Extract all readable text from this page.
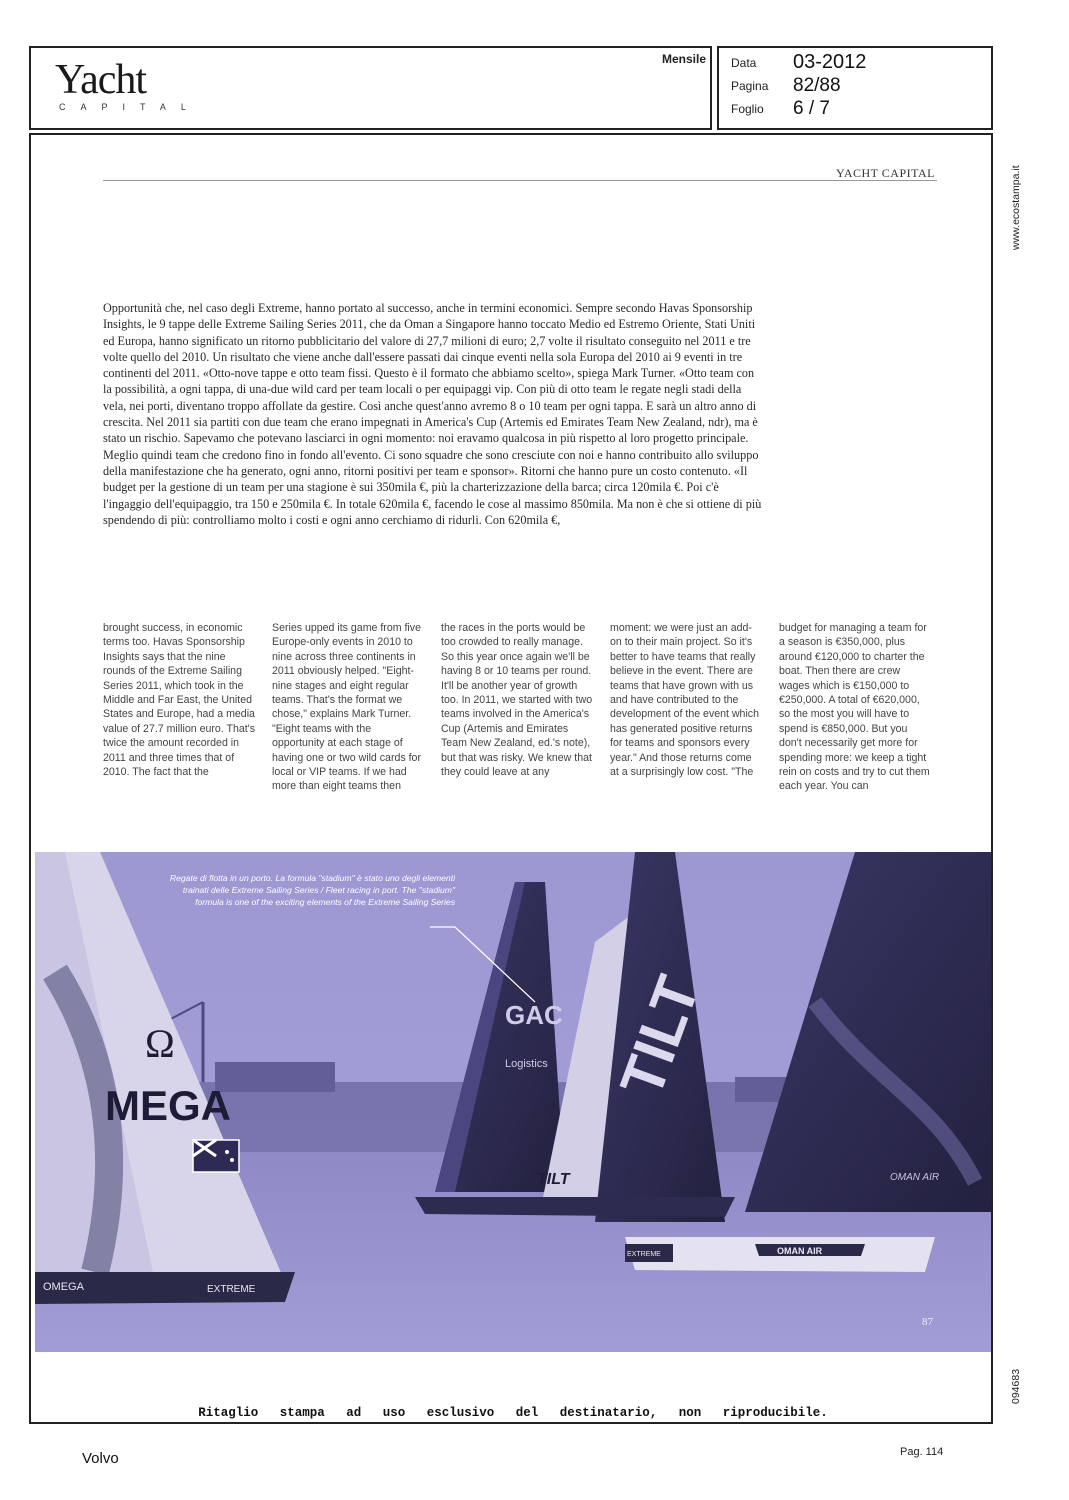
Yacht
CAPITAL
Mensile Data 03-2012
Pagina 82/88
Foglio 6 / 7
www.ecostampa.it
094683
YACHT CAPITAL
Opportunità che, nel caso degli Extreme, hanno portato al successo, anche in termini economici. Sempre secondo Havas Sponsorship Insights, le 9 tappe delle Extreme Sailing Series 2011, che da Oman a Singapore hanno toccato Medio ed Estremo Oriente, Stati Uniti ed Europa, hanno significato un ritorno pubblicitario del valore di 27,7 milioni di euro; 2,7 volte il risultato conseguito nel 2011 e tre volte quello del 2010. Un risultato che viene anche dall'essere passati dai cinque eventi nella sola Europa del 2010 ai 9 eventi in tre continenti del 2011. «Otto-nove tappe e otto team fissi. Questo è il formato che abbiamo scelto», spiega Mark Turner. «Otto team con la possibilità, a ogni tappa, di una-due wild card per team locali o per equipaggi vip. Con più di otto team le regate negli stadi della vela, nei porti, diventano troppo affollate da gestire. Così anche quest'anno avremo 8 o 10 team per ogni tappa. E sarà un altro anno di crescita. Nel 2011 sia partiti con due team che erano impegnati in America's Cup (Artemis ed Emirates Team New Zealand, ndr), ma è stato un rischio. Sapevamo che potevano lasciarci in ogni momento: noi eravamo qualcosa in più rispetto al loro progetto principale. Meglio quindi team che credono fino in fondo all'evento. Ci sono squadre che sono cresciute con noi e hanno contribuito allo sviluppo della manifestazione che ha generato, ogni anno, ritorni positivi per team e sponsor». Ritorni che hanno pure un costo contenuto. «Il budget per la gestione di un team per una stagione è sui 350mila €, più la charterizzazione della barca; circa 120mila €. Poi c'è l'ingaggio dell'equipaggio, tra 150 e 250mila €. In totale 620mila €, facendo le cose al massimo 850mila. Ma non è che si ottiene di più spendendo di più: controlliamo molto i costi e ogni anno cerchiamo di ridurli. Con 620mila €,
brought success, in economic terms too. Havas Sponsorship Insights says that the nine rounds of the Extreme Sailing Series 2011, which took in the Middle and Far East, the United States and Europe, had a media value of 27.7 million euro. That's twice the amount recorded in 2011 and three times that of 2010. The fact that the
Series upped its game from five Europe-only events in 2010 to nine across three continents in 2011 obviously helped. "Eight-nine stages and eight regular teams. That's the format we chose," explains Mark Turner. "Eight teams with the opportunity at each stage of having one or two wild cards for local or VIP teams. If we had more than eight teams then
the races in the ports would be too crowded to really manage. So this year once again we'll be having 8 or 10 teams per round. It'll be another year of growth too. In 2011, we started with two teams involved in the America's Cup (Artemis and Emirates Team New Zealand, ed.'s note), but that was risky. We knew that they could leave at any
moment: we were just an add-on to their main project. So it's better to have teams that really believe in the event. There are teams that have grown with us and have contributed to the development of the event which has generated positive returns for teams and sponsors every year." And those returns come at a surprisingly low cost. "The
budget for managing a team for a season is €350,000, plus around €120,000 to charter the boat. Then there are crew wages which is €150,000 to €250,000. A total of €620,000, so the most you will have to spend is €850,000. But you don't necessarily get more for spending more: we keep a tight rein on costs and try to cut them each year. You can
Ω
MEGA
OMEGA	EXTREME
GAC
Logistics TILT
TILT	OMAN AIR
OMAN AIR
EXTREME
Regate di flotta in un porto. La formula "stadium" è stato uno degli elementi trainati delle Extreme Sailing Series / Fleet racing in port. The "stadium" formula is one of the exciting elements of the Extreme Sailing Series
87
Ritaglio stampa ad uso esclusivo del destinatario, non riproducibile.
Volvo	Pag. 114
